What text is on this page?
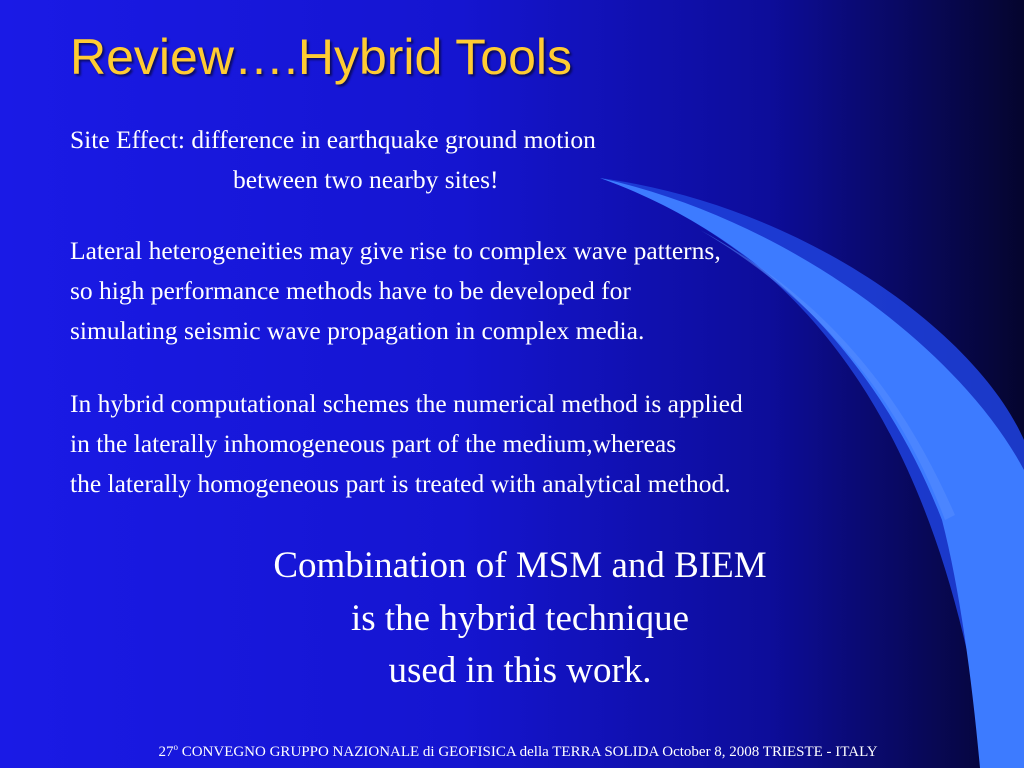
Review….Hybrid Tools
Site Effect: difference in earthquake ground motion
between two nearby sites!
Lateral heterogeneities may give rise to complex wave patterns,
so high performance methods have to be developed for
simulating seismic wave propagation in complex media.
In hybrid computational schemes the numerical method is applied
in the laterally inhomogeneous part of the medium,whereas
the laterally homogeneous part is treated with analytical method.
Combination of MSM and BIEM
is the hybrid technique
used in this work.
27$^o$ CONVEGNO GRUPPO NAZIONALE di GEOFISICA della TERRA SOLIDA October 8, 2008 TRIESTE - ITALY
